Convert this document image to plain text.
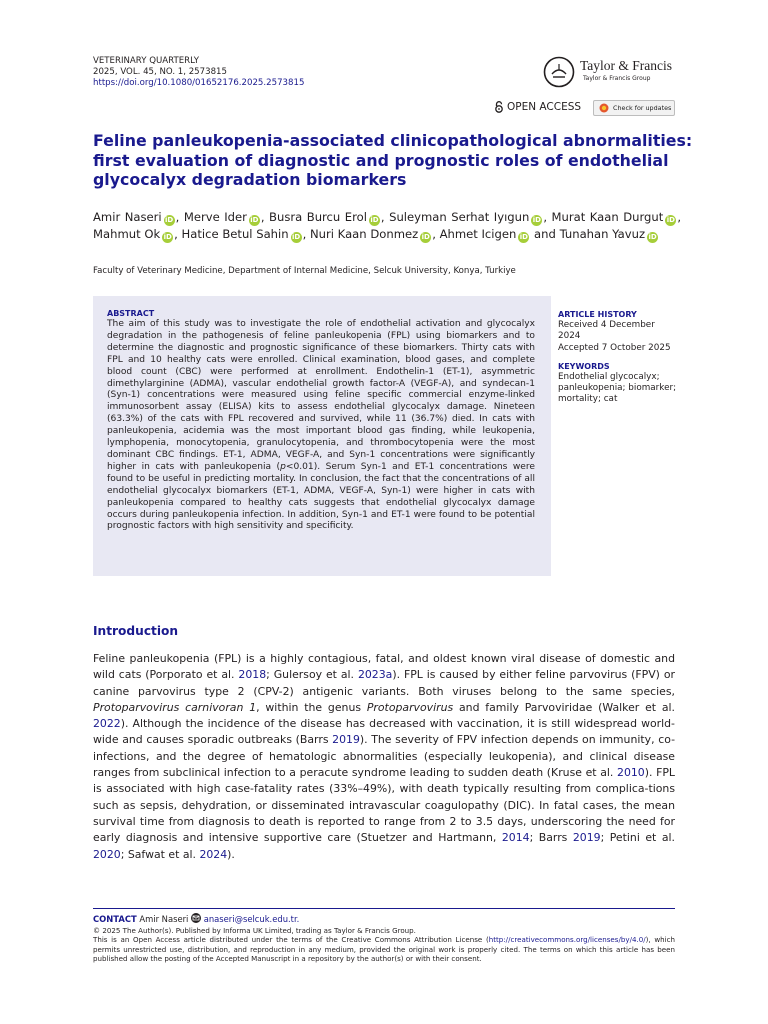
VETERINARY QUARTERLY
2025, VOL. 45, NO. 1, 2573815
https://doi.org/10.1080/01652176.2025.2573815
Taylor & Francis
Taylor & Francis Group
OPEN ACCESS	Check for updates
Feline panleukopenia-associated clinicopathological abnormalities: first evaluation of diagnostic and prognostic roles of endothelial glycocalyx degradation biomarkers
Amir Naseri iD , Merve Ider iD , Busra Burcu Erol iD , Suleyman Serhat Iyıgun iD , Murat Kaan Durgut iD , Mahmut Ok iD , Hatice Betul Sahin iD , Nuri Kaan Donmez iD , Ahmet Icigen iD and Tunahan Yavuz iD
Faculty of Veterinary Medicine, Department of Internal Medicine, Selcuk University, Konya, Turkiye
ABSTRACT
The aim of this study was to investigate the role of endothelial activation and glycocalyx degradation in the pathogenesis of feline panleukopenia (FPL) using biomarkers and to determine the diagnostic and prognostic significance of these biomarkers. Thirty cats with FPL and 10 healthy cats were enrolled. Clinical examination, blood gases, and complete blood count (CBC) were performed at enrollment. Endothelin-1 (ET-1), asymmetric dimethylarginine (ADMA), vascular endothelial growth factor-A (VEGF-A), and syndecan-1 (Syn-1) concentrations were measured using feline specific commercial enzyme-linked immunosorbent assay (ELISA) kits to assess endothelial glycocalyx damage. Nineteen (63.3%) of the cats with FPL recovered and survived, while 11 (36.7%) died. In cats with panleukopenia, acidemia was the most important blood gas finding, while leukopenia, lymphopenia, monocytopenia, granulocytopenia, and thrombocytopenia were the most dominant CBC findings. ET-1, ADMA, VEGF-A, and Syn-1 concentrations were significantly higher in cats with panleukopenia (p<0.01). Serum Syn-1 and ET-1 concentrations were found to be useful in predicting mortality. In conclusion, the fact that the concentrations of all endothelial glycocalyx biomarkers (ET-1, ADMA, VEGF-A, Syn-1) were higher in cats with panleukopenia compared to healthy cats suggests that endothelial glycocalyx damage occurs during panleukopenia infection. In addition, Syn-1 and ET-1 were found to be potential prognostic factors with high sensitivity and specificity.
ARTICLE HISTORY
Received 4 December 2024
Accepted 7 October 2025
KEYWORDS
Endothelial glycocalyx; panleukopenia; biomarker; mortality; cat
Introduction
Feline panleukopenia (FPL) is a highly contagious, fatal, and oldest known viral disease of domestic and wild cats (Porporato et al. 2018; Gulersoy et al. 2023a). FPL is caused by either feline parvovirus (FPV) or canine parvovirus type 2 (CPV-2) antigenic variants. Both viruses belong to the same species, Protoparvovirus carnivoran 1, within the genus Protoparvovirus and family Parvoviridae (Walker et al. 2022). Although the incidence of the disease has decreased with vaccination, it is still widespread world-wide and causes sporadic outbreaks (Barrs 2019). The severity of FPV infection depends on immunity, co-infections, and the degree of hematologic abnormalities (especially leukopenia), and clinical disease ranges from subclinical infection to a peracute syndrome leading to sudden death (Kruse et al. 2010). FPL is associated with high case-fatality rates (33%–49%), with death typically resulting from complica-tions such as sepsis, dehydration, or disseminated intravascular coagulopathy (DIC). In fatal cases, the mean survival time from diagnosis to death is reported to range from 2 to 3.5 days, underscoring the need for early diagnosis and intensive supportive care (Stuetzer and Hartmann, 2014; Barrs 2019; Petini et al. 2020; Safwat et al. 2024).
CONTACT Amir Naseri anaseri@selcuk.edu.tr.
© 2025 The Author(s). Published by Informa UK Limited, trading as Taylor & Francis Group.
This is an Open Access article distributed under the terms of the Creative Commons Attribution License (http://creativecommons.org/licenses/by/4.0/), which permits unrestricted use, distribution, and reproduction in any medium, provided the original work is properly cited. The terms on which this article has been published allow the posting of the Accepted Manuscript in a repository by the author(s) or with their consent.
